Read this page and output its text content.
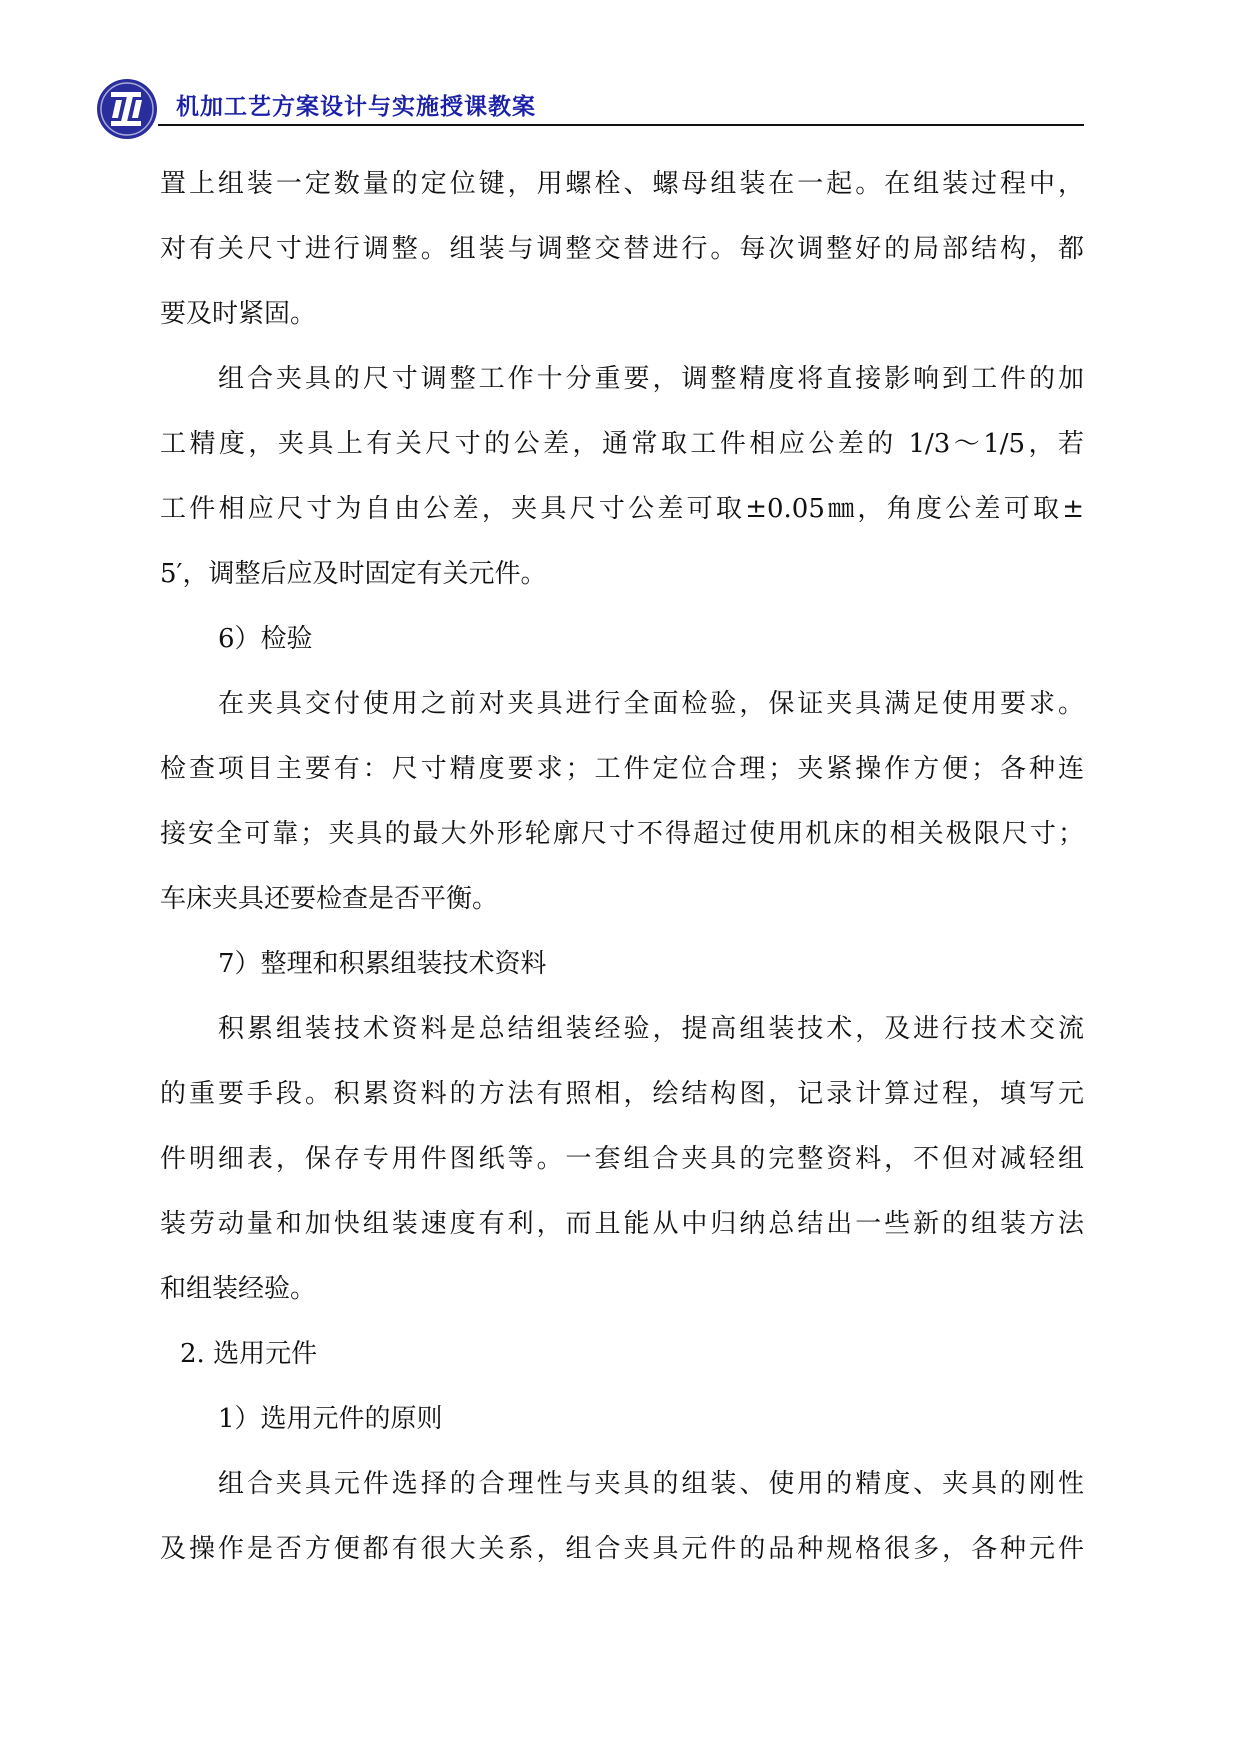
机加工艺方案设计与实施授课教案
置上组装一定数量的定位键，用螺栓、螺母组装在一起。在组装过程中，
对有关尺寸进行调整。组装与调整交替进行。每次调整好的局部结构，都
要及时紧固。
组合夹具的尺寸调整工作十分重要，调整精度将直接影响到工件的加
工精度，夹具上有关尺寸的公差，通常取工件相应公差的 1/3～1/5，若
工件相应尺寸为自由公差，夹具尺寸公差可取±0.05㎜，角度公差可取±
5′，调整后应及时固定有关元件。
6）检验
在夹具交付使用之前对夹具进行全面检验，保证夹具满足使用要求。
检查项目主要有：尺寸精度要求；工件定位合理；夹紧操作方便；各种连
接安全可靠；夹具的最大外形轮廓尺寸不得超过使用机床的相关极限尺寸；
车床夹具还要检查是否平衡。
7）整理和积累组装技术资料
积累组装技术资料是总结组装经验，提高组装技术，及进行技术交流
的重要手段。积累资料的方法有照相，绘结构图，记录计算过程，填写元
件明细表，保存专用件图纸等。一套组合夹具的完整资料，不但对减轻组
装劳动量和加快组装速度有利，而且能从中归纳总结出一些新的组装方法
和组装经验。
2. 选用元件
1）选用元件的原则
组合夹具元件选择的合理性与夹具的组装、使用的精度、夹具的刚性
及操作是否方便都有很大关系，组合夹具元件的品种规格很多，各种元件
